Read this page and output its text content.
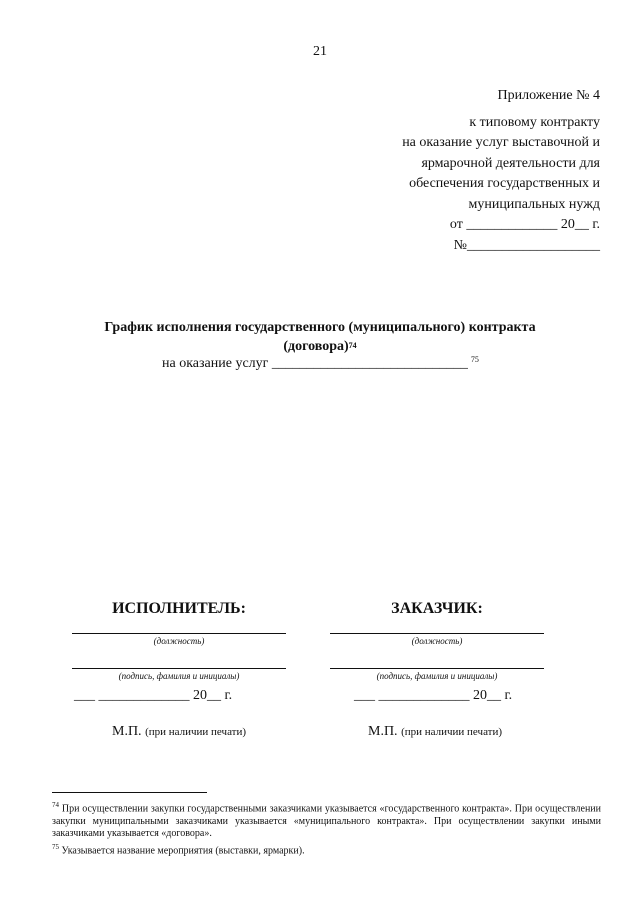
21
Приложение № 4
к типовому контракту
на оказание услуг выставочной и
ярмарочной деятельности для
обеспечения государственных и
муниципальных нужд
от _____________ 20__ г.
№___________________
График исполнения государственного (муниципального) контракта
(договора)$^{74}$
на оказание услуг ____________________________ $^{75}$
ИСПОЛНИТЕЛЬ:
(должность)
(подпись, фамилия и инициалы)
___ _____________ 20__ г.
М.П. (при наличии печати)
ЗАКАЗЧИК:
(должность)
(подпись, фамилия и инициалы)
___ _____________ 20__ г.
М.П. (при наличии печати)

$^{74}$ При осуществлении закупки государственными заказчиками указывается «государственного контракта». При осуществлении закупки муниципальными заказчиками указывается «муниципального контракта». При осуществлении закупки иными заказчиками указывается «договора».

$^{75}$ Указывается название мероприятия (выставки, ярмарки).
